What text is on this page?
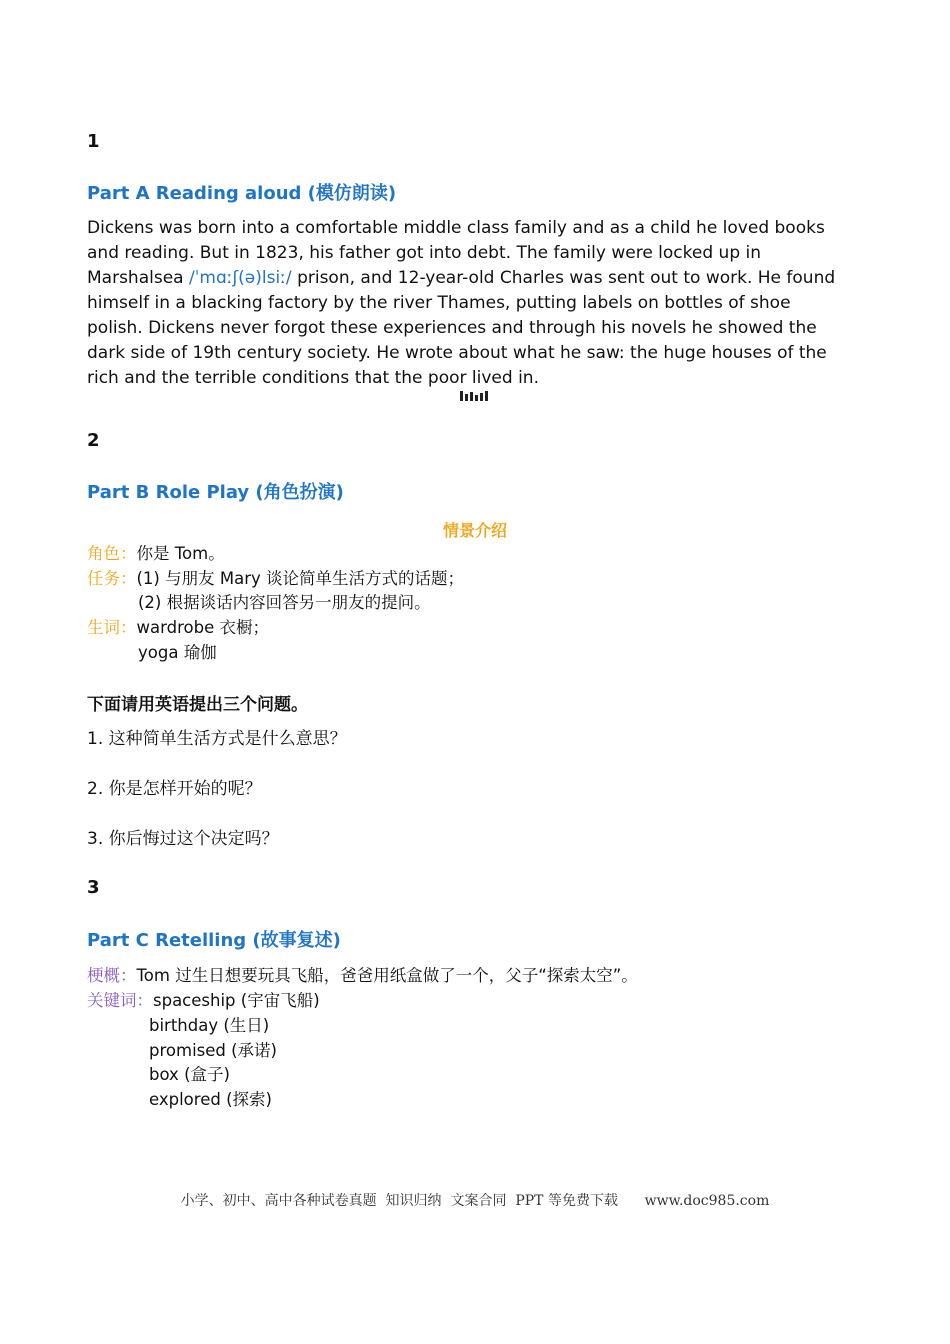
1
Part A Reading aloud (模仿朗读)
Dickens was born into a comfortable middle class family and as a child he loved books and reading. But in 1823, his father got into debt. The family were locked up in Marshalsea /ˈmɑːʃ(ə)lsiː/ prison, and 12-year-old Charles was sent out to work. He found himself in a blacking factory by the river Thames, putting labels on bottles of shoe polish. Dickens never forgot these experiences and through his novels he showed the dark side of 19th century society. He wrote about what he saw: the huge houses of the rich and the terrible conditions that the poor lived in.
2
Part B Role Play (角色扮演)
情景介绍
角色：你是 Tom。
任务：(1) 与朋友 Mary 谈论简单生活方式的话题；
(2) 根据谈话内容回答另一朋友的提问。
生词：wardrobe 衣橱；
yoga 瑜伽
下面请用英语提出三个问题。
1. 这种简单生活方式是什么意思？
2. 你是怎样开始的呢？
3. 你后悔过这个决定吗？
3
Part C Retelling (故事复述)
梗概：Tom 过生日想要玩具飞船，爸爸用纸盒做了一个，父子“探索太空”。
关键词：spaceship (宇宙飞船)
birthday (生日)
promised (承诺)
box (盒子)
explored (探索)
小学、初中、高中各种试卷真题  知识归纳  文案合同  PPT 等免费下载      www.doc985.com
